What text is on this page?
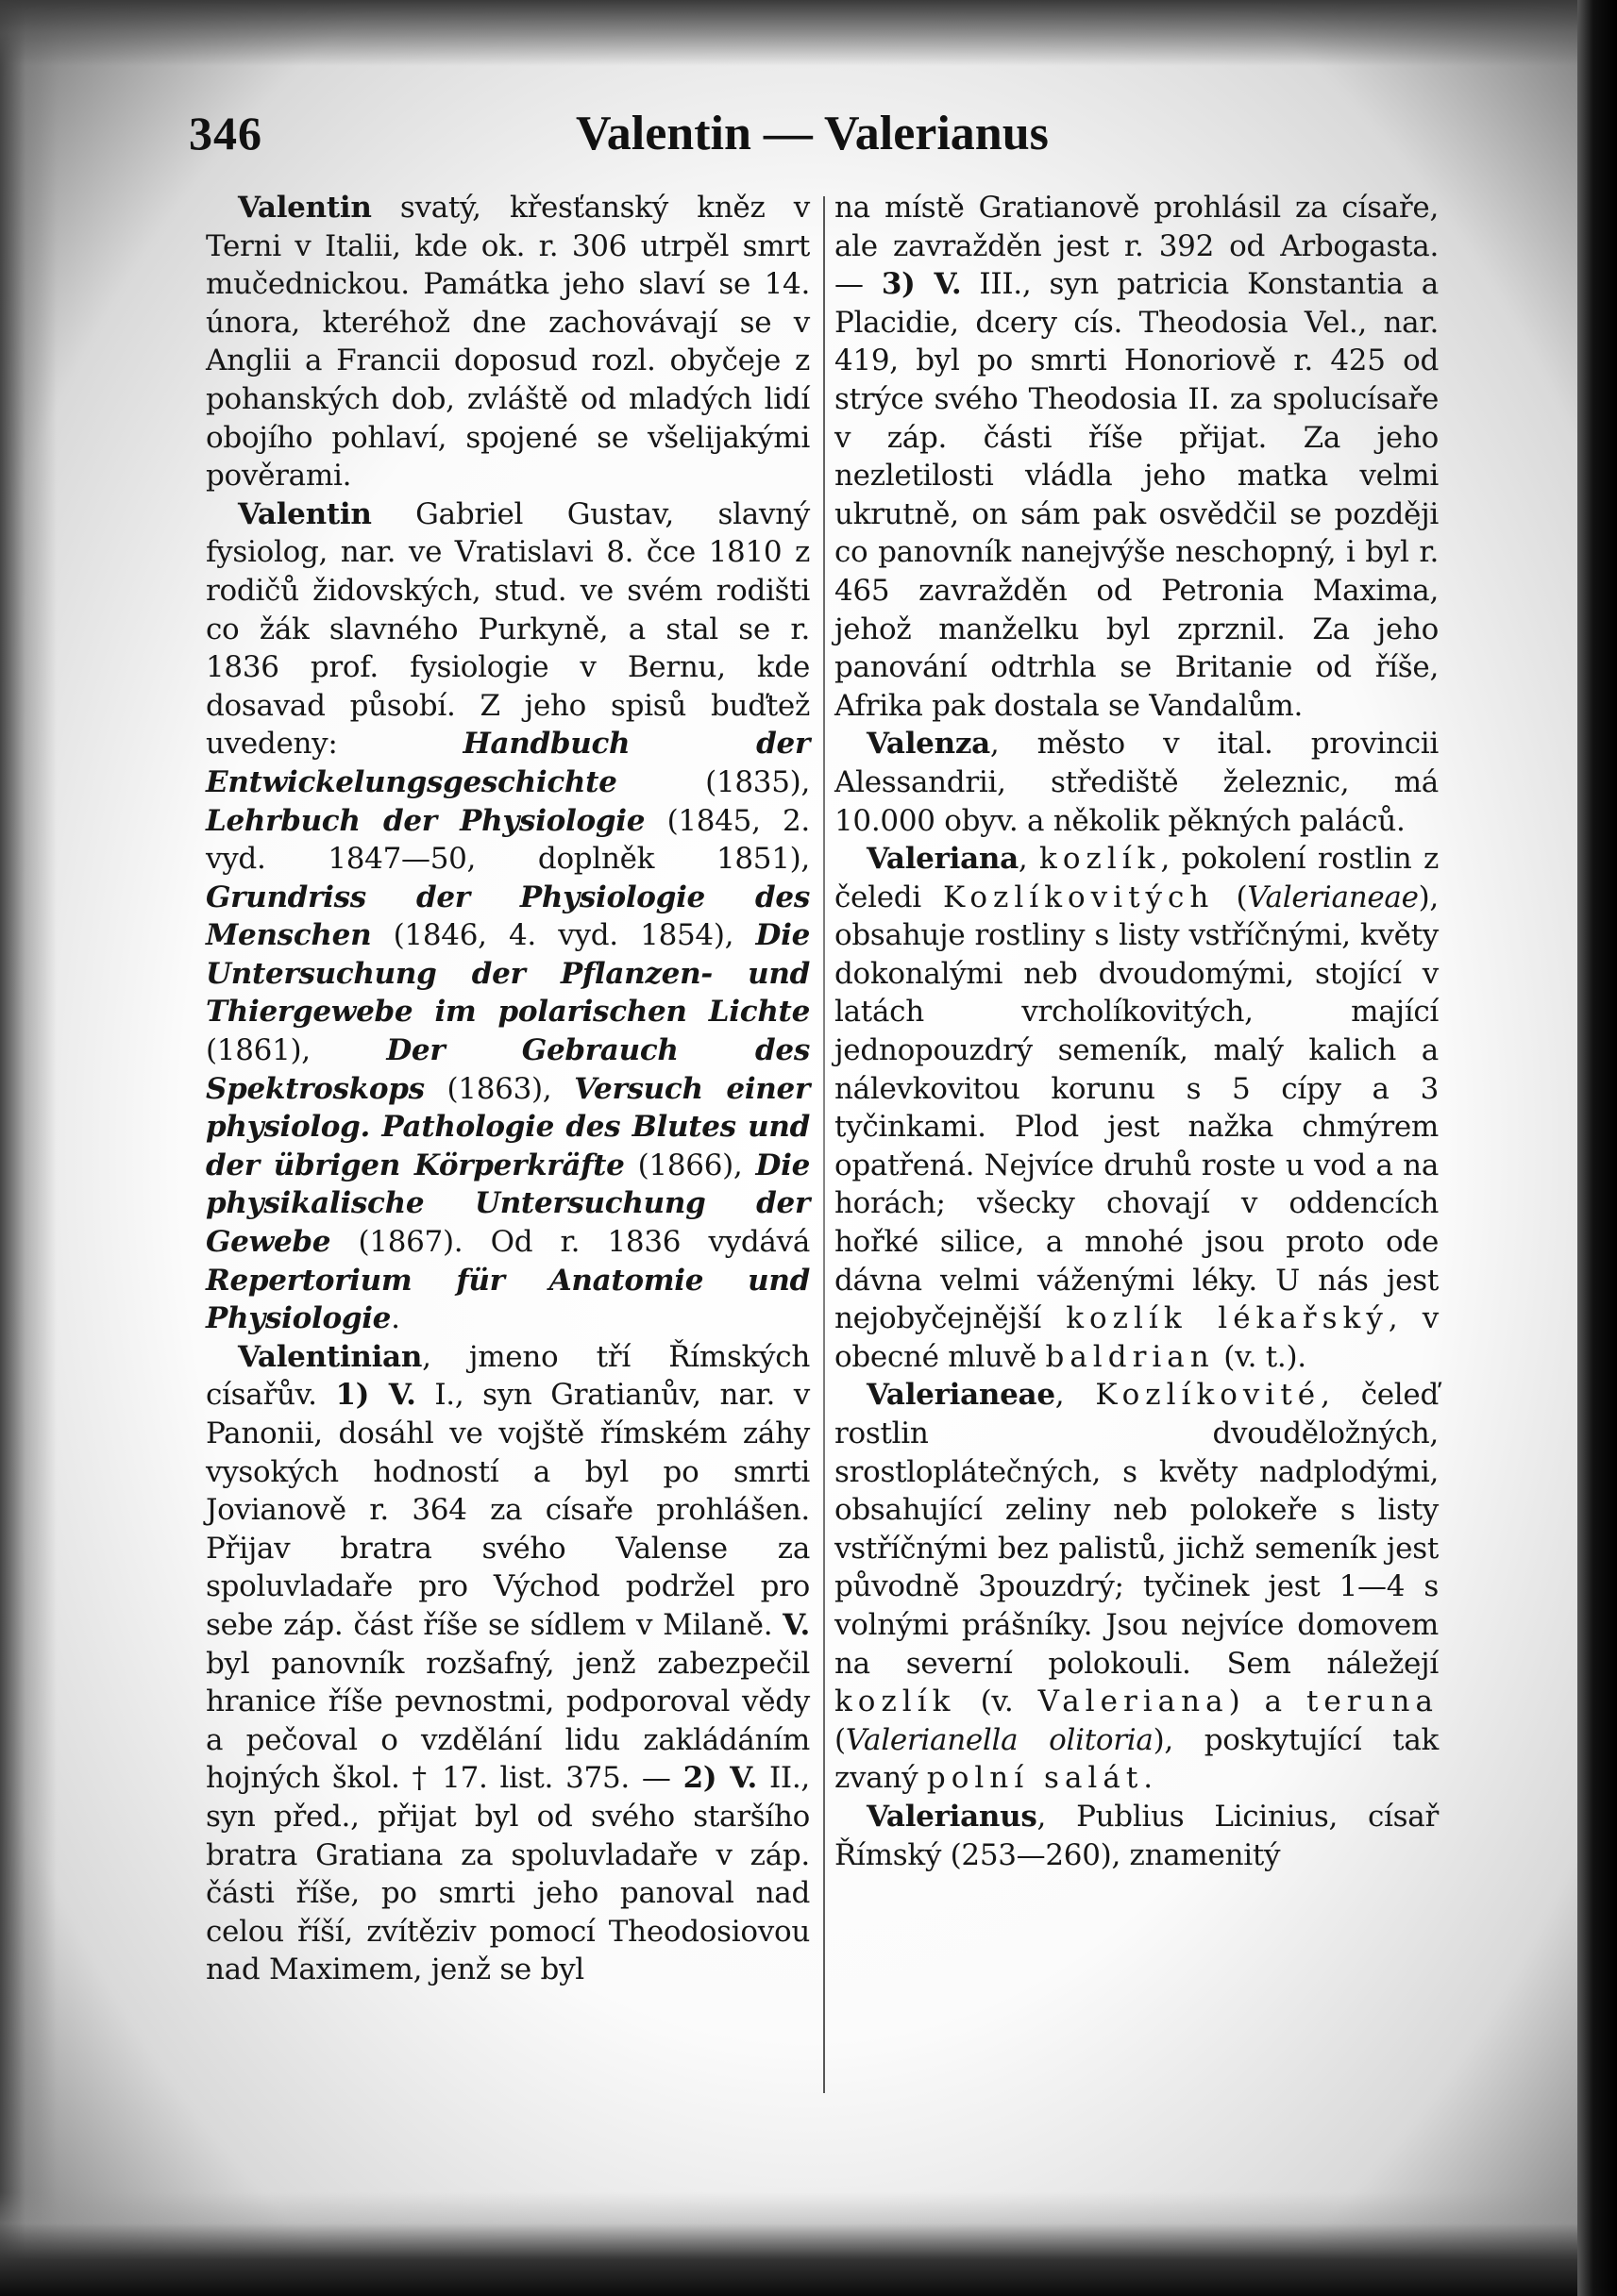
346	Valentin — Valerianus

Valentin svatý, křesťanský kněz v Terni v Italii, kde ok. r. 306 utrpěl smrt mučednickou. Památka jeho slaví se 14. února, kteréhož dne zachovávají se v Anglii a Francii doposud rozl. obyčeje z pohanských dob, zvláště od mladých lidí obojího pohlaví, spojené se všelijakými pověrami.

Valentin Gabriel Gustav, slavný fysiolog, nar. ve Vratislavi 8. čce 1810 z rodičů židovských, stud. ve svém rodišti co žák slavného Purkyně, a stal se r. 1836 prof. fysiologie v Bernu, kde dosavad působí. Z jeho spisů buďtež uvedeny: Handbuch der Entwickelungsgeschichte (1835), Lehrbuch der Physiologie (1845, 2. vyd. 1847—50, doplněk 1851), Grundriss der Physiologie des Menschen (1846, 4. vyd. 1854), Die Untersuchung der Pflanzen- und Thiergewebe im polarischen Lichte (1861), Der Gebrauch des Spektroskops (1863), Versuch einer physiolog. Pathologie des Blutes und der übrigen Körperkräfte (1866), Die physikalische Untersuchung der Gewebe (1867). Od r. 1836 vydává Repertorium für Anatomie und Physiologie.

Valentinian, jmeno tří Římských císařův. 1) V. I., syn Gratianův, nar. v Panonii, dosáhl ve vojště římském záhy vysokých hodností a byl po smrti Jovianově r. 364 za císaře prohlášen. Přijav bratra svého Valense za spoluvladaře pro Východ podržel pro sebe záp. část říše se sídlem v Milaně. V. byl panovník rozšafný, jenž zabezpečil hranice říše pevnostmi, podporoval vědy a pečoval o vzdělání lidu zakládáním hojných škol. † 17. list. 375. — 2) V. II., syn před., přijat byl od svého staršího bratra Gratiana za spoluvladaře v záp. části říše, po smrti jeho panoval nad celou říší, zvítěziv pomocí Theodosiovou nad Maximem, jenž se byl

na místě Gratianově prohlásil za císaře, ale zavražděn jest r. 392 od Arbogasta. — 3) V. III., syn patricia Konstantia a Placidie, dcery cís. Theodosia Vel., nar. 419, byl po smrti Honoriově r. 425 od strýce svého Theodosia II. za spolucísaře v záp. části říše přijat. Za jeho nezletilosti vládla jeho matka velmi ukrutně, on sám pak osvědčil se později co panovník nanejvýše neschopný, i byl r. 465 zavražděn od Petronia Maxima, jehož manželku byl zprznil. Za jeho panování odtrhla se Britanie od říše, Afrika pak dostala se Vandalům.

Valenza, město v ital. provincii Alessandrii, střediště železnic, má 10.000 obyv. a několik pěkných paláců.

Valeriana, kozlík, pokolení rostlin z čeledi Kozlíkovitých (Valerianeae), obsahuje rostliny s listy vstříčnými, květy dokonalými neb dvoudomými, stojící v latách vrcholíkovitých, mající jednopouzdrý semeník, malý kalich a nálevkovitou korunu s 5 cípy a 3 tyčinkami. Plod jest nažka chmýrem opatřená. Nejvíce druhů roste u vod a na horách; všecky chovají v oddencích hořké silice, a mnohé jsou proto ode dávna velmi váženými léky. U nás jest nejobyčejnější kozlík lékařský, v obecné mluvě baldrian (v. t.).

Valerianeae, Kozlíkovité, čeleď rostlin dvouděložných, srostloplátečných, s květy nadplodými, obsahující zeliny neb polokeře s listy vstříčnými bez palistů, jichž semeník jest původně 3pouzdrý; tyčinek jest 1—4 s volnými prášníky. Jsou nejvíce domovem na severní polokouli. Sem náležejí kozlík (v. Valeriana) a teruna (Valerianella olitoria), poskytující tak zvaný polní salát.

Valerianus, Publius Licinius, císař Římský (253—260), znamenitý
